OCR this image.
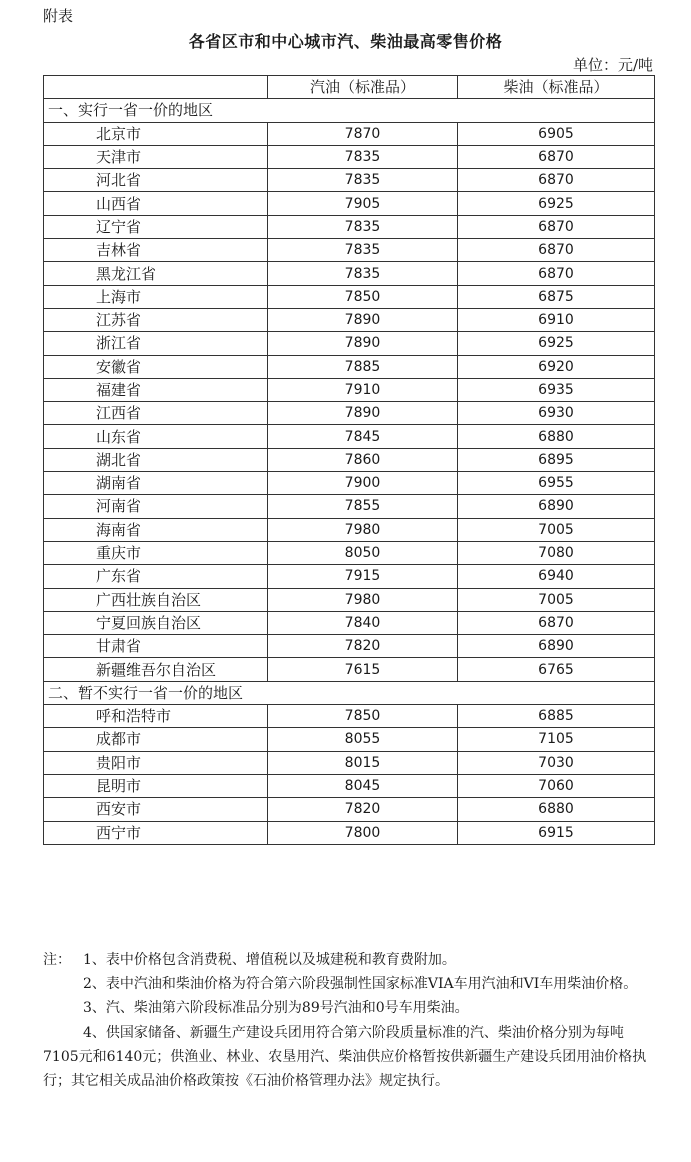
附表
各省区市和中心城市汽、柴油最高零售价格
单位：元/吨
	汽油（标准品）	柴油（标准品）
一、实行一省一价的地区		
北京市	7870	6905
天津市	7835	6870
河北省	7835	6870
山西省	7905	6925
辽宁省	7835	6870
吉林省	7835	6870
黑龙江省	7835	6870
上海市	7850	6875
江苏省	7890	6910
浙江省	7890	6925
安徽省	7885	6920
福建省	7910	6935
江西省	7890	6930
山东省	7845	6880
湖北省	7860	6895
湖南省	7900	6955
河南省	7855	6890
海南省	7980	7005
重庆市	8050	7080
广东省	7915	6940
广西壮族自治区	7980	7005
宁夏回族自治区	7840	6870
甘肃省	7820	6890
新疆维吾尔自治区	7615	6765
二、暂不实行一省一价的地区		
呼和浩特市	7850	6885
成都市	8055	7105
贵阳市	8015	7030
昆明市	8045	7060
西安市	7820	6880
西宁市	7800	6915

注： 1、表中价格包含消费税、增值税以及城建税和教育费附加。

2、表中汽油和柴油价格为符合第六阶段强制性国家标准VIA车用汽油和VI车用柴油价格。

3、汽、柴油第六阶段标准品分别为89号汽油和0号车用柴油。

4、供国家储备、新疆生产建设兵团用符合第六阶段质量标准的汽、柴油价格分别为每吨7105元和6140元；供渔业、林业、农垦用汽、柴油供应价格暂按供新疆生产建设兵团用油价格执行；其它相关成品油价格政策按《石油价格管理办法》规定执行。
